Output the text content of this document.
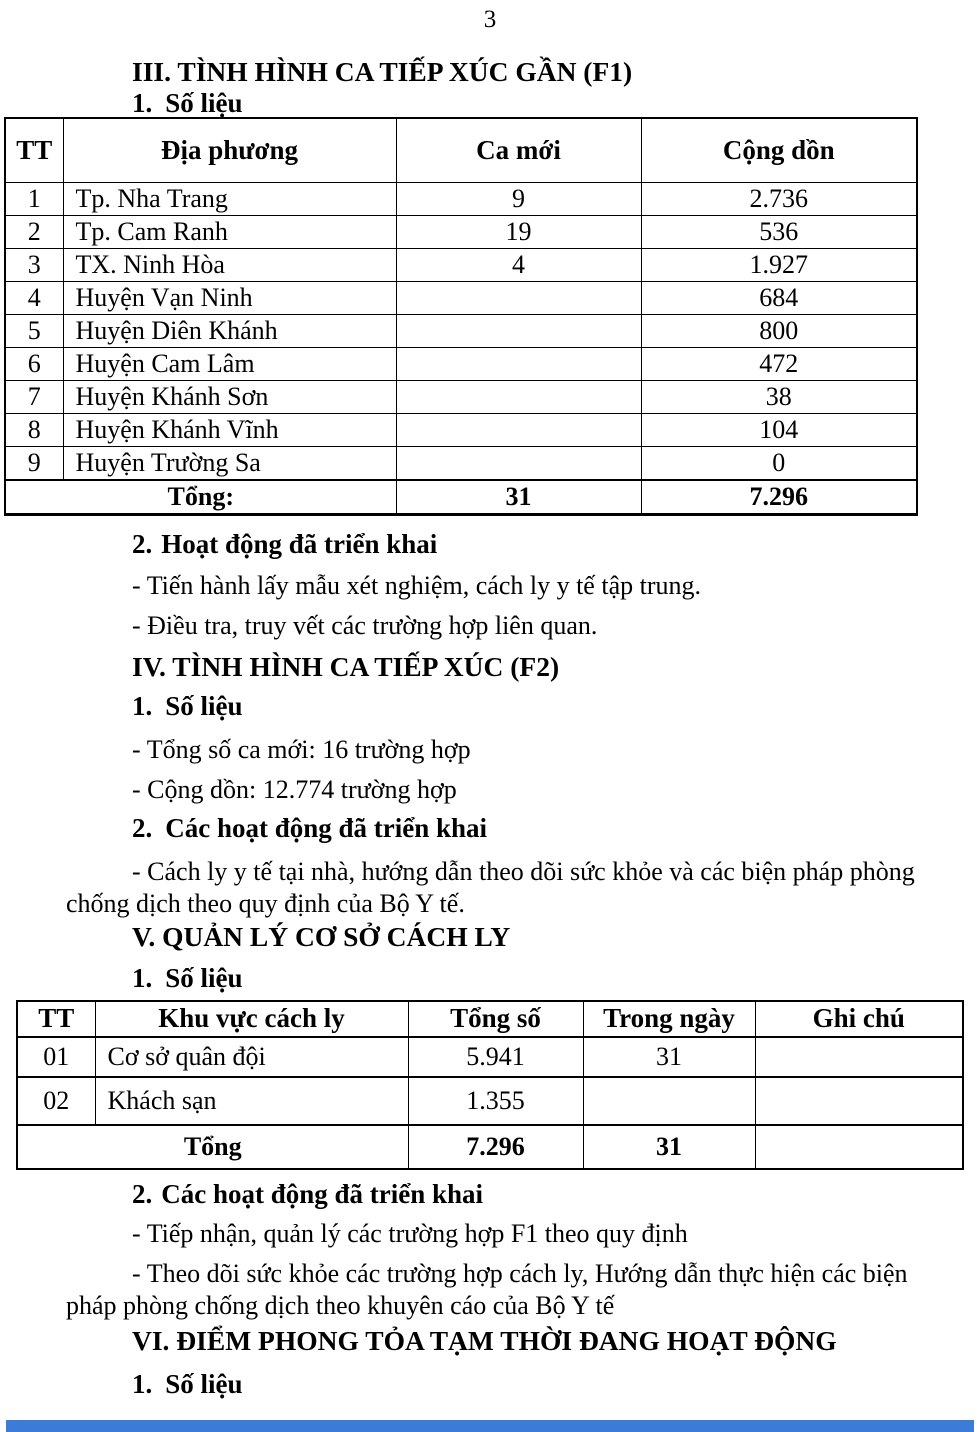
3
III. TÌNH HÌNH CA TIẾP XÚC GẦN (F1)
1. Số liệu
TT	Địa phương	Ca mới	Cộng dồn
1	Tp. Nha Trang	9	2.736
2	Tp. Cam Ranh	19	536
3	TX. Ninh Hòa	4	1.927
4	Huyện Vạn Ninh		684
5	Huyện Diên Khánh		800
6	Huyện Cam Lâm		472
7	Huyện Khánh Sơn		38
8	Huyện Khánh Vĩnh		104
9	Huyện Trường Sa		0
Tổng:		31	7.296
2. Hoạt động đã triển khai
- Tiến hành lấy mẫu xét nghiệm, cách ly y tế tập trung.
- Điều tra, truy vết các trường hợp liên quan.
IV. TÌNH HÌNH CA TIẾP XÚC (F2)
1. Số liệu
- Tổng số ca mới: 16 trường hợp
- Cộng dồn: 12.774 trường hợp
2. Các hoạt động đã triển khai
- Cách ly y tế tại nhà, hướng dẫn theo dõi sức khỏe và các biện pháp phòng chống dịch theo quy định của Bộ Y tế.
V. QUẢN LÝ CƠ SỞ CÁCH LY
1. Số liệu
TT	Khu vực cách ly	Tổng số	Trong ngày	Ghi chú
01	Cơ sở quân đội	5.941	31	
02	Khách sạn	1.355		
Tổng		7.296	31	
2. Các hoạt động đã triển khai
- Tiếp nhận, quản lý các trường hợp F1 theo quy định
- Theo dõi sức khỏe các trường hợp cách ly, Hướng dẫn thực hiện các biện pháp phòng chống dịch theo khuyên cáo của Bộ Y tế
VI. ĐIỂM PHONG TỎA TẠM THỜI ĐANG HOẠT ĐỘNG
1. Số liệu
